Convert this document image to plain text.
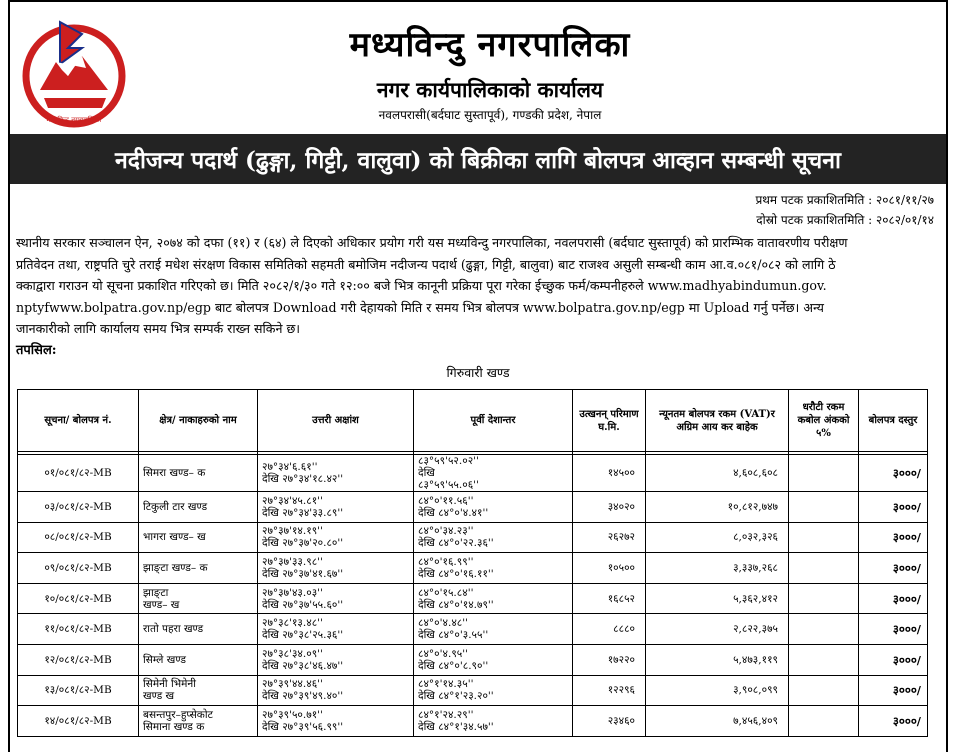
मध्यविन्दु नगरपालिका
मध्यविन्दु नगरपालिका
नगर कार्यपालिकाको कार्यालय
नवलपरासी(बर्दघाट सुस्तापूर्व), गण्डकी प्रदेश, नेपाल
नदीजन्य पदार्थ (ढुङ्गा, गिट्टी, वालुवा) को बिक्रीका लागि बोलपत्र आव्हान सम्बन्धी सूचना
प्रथम पटक प्रकाशितमिति : २०८१/११/२७
दोस्रो पटक प्रकाशितमिति : २०८२/०१/१४

स्थानीय सरकार सञ्चालन ऐन, २०७४ को दफा (११) र (६४) ले दिएको अधिकार प्रयोग गरी यस मध्यविन्दु नगरपालिका, नवलपरासी (बर्दघाट सुस्तापूर्व) को प्रारम्भिक वातावरणीय परीक्षण

प्रतिवेदन तथा, राष्ट्रपति चुरे तराई मधेश संरक्षण विकास समितिको सहमती बमोजिम नदीजन्य पदार्थ (ढुङ्गा, गिट्टी, बालुवा) बाट राजश्व असुली सम्बन्धी काम आ.व.०८१/०८२ को लागि ठे

क्काद्वारा गराउन यो सूचना प्रकाशित गरिएको छ। मिति २०८२/१/३० गते १२:०० बजे भित्र कानूनी प्रक्रिया पूरा गरेका ईच्छुक फर्म/कम्पनीहरुले www.madhyabindumun.gov.

nptyfwww.bolpatra.gov.np/egp बाट बोलपत्र Download गरी देहायको मिति र समय भित्र बोलपत्र www.bolpatra.gov.np/egp मा Upload गर्नु पर्नेछ। अन्य

जानकारीको लागि कार्यालय समय भित्र सम्पर्क राख्न सकिने छ।

तपसिल:
गिरुवारी खण्ड
सूचना/ बोलपत्र नं.	क्षेत्र/ नाकाहरुको नाम	उत्तरी अक्षांश	पूर्वी देशान्तर	उत्खनन् परिमाण घ.मि.	न्यूनतम बोलपत्र रकम (VAT)र अग्रिम आय कर बाहेक	धरौटी रकम कबोल अंकको ५%	बोलपत्र दस्तुर

०१/०८१/८२-MB	सिमरा खण्ड– क	२७°३४'६.६१''
देखि २७°३४'१८.४२''	८३°५९'५२.०२''
देखि
८३°५९'५५.०६''	१४५००	४,६०८,६०८		३०००/
०३/०८१/८२-MB	टिकुली टार खण्ड	२७°३४'४५.८१''
देखि २७°३४'३३.८९''	८४°०'११.५६''
देखि ८४°०'४.४१''	३४०२०	१०,८१२,७४७		३०००/
०८/०८१/८२-MB	भागरा खण्ड– ख	२७°३७'१४.१९''
देखि २७°३७'२०.८०''	८४°०'३४.२३''
देखि ८४°०'२२.३६''	२६२७२	८,०३२,३२६		३०००/
०९/०८१/८२-MB	झाङ्टा खण्ड– क	२७°३७'३३.९८''
देखि २७°३७'४१.६७''	८४°०'१६.९९''
देखि ८४°०'१६.११''	१०५००	३,३३७,२६८		३०००/
१०/०८१/८२-MB	झाङ्टा
खण्ड– ख	२७°३७'४३.०३''
देखि २७°३७'५५.६०''	८४°०'१५.८४''
देखि ८४°०'१४.७९''	१६८५२	५,३६२,४१२		३०००/
११/०८१/८२-MB	रातो पहरा खण्ड	२७°३८'१३.४८''
देखि २७°३८'२५.३६''	८४°०'४.४८''
देखि ८४°०'३.५५''	८८८०	२,८२२,३७५		३०००/
१२/०८१/८२-MB	सिम्ले खण्ड	२७°३८'३४.०९''
देखि २७°३८'४६.४७''	८४°०'४.९५''
देखि ८४°०'८.९०''	१७२२०	५,४७३,११९		३०००/
१३/०८१/८२-MB	सिमेनी भिमेनी
खण्ड ख	२७°३९'४४.४६''
देखि २७°३९'४९.४०''	८४°१'१४.३५''
देखि ८४°१'२३.२०''	१२२९६	३,९०८,०९९		३०००/
१४/०८१/८२-MB	बसन्तपुर–हुप्सेकोट
सिमाना खण्ड क	२७°३९'५०.७१''
देखि २७°३९'५६.९९''	८४°१'२४.२९''
देखि ८४°१'३४.५७''	२३४६०	७,४५६,४०९		३०००/
